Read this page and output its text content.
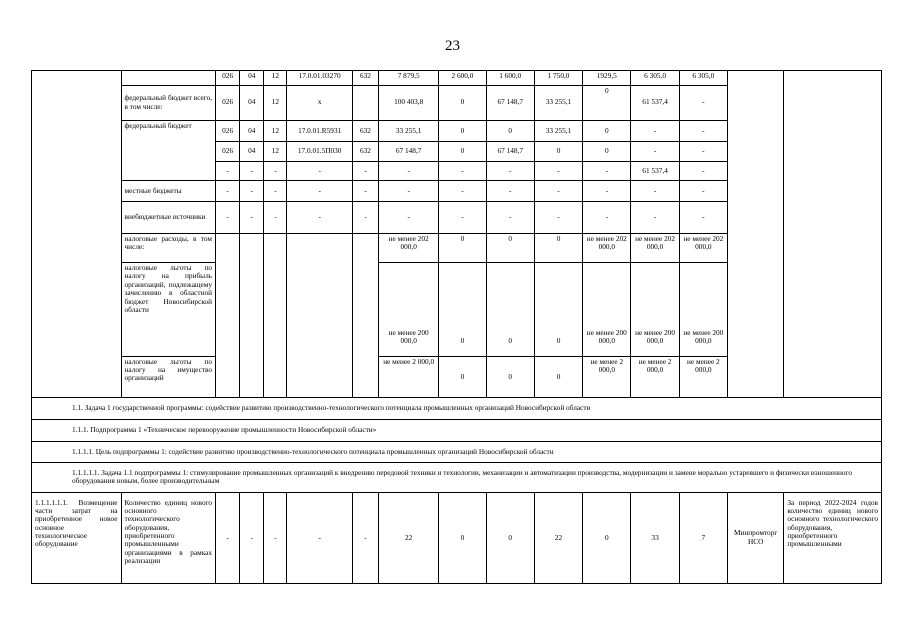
23
		026	04	12	17.0.01.03270	632	7 879,5	2 600,0	1 600,0	1 750,0	1929,5	6 305,0	6 305,0		
	федеральный бюджет всего, в том числе:	026	04	12	x		100 403,8	0	67 148,7	33 255,1	0	61 537,4	-		
	федеральный бюджет	026	04	12	17.0.01.R5931	632	33 255,1	0	0	33 255,1	0	-	-		
		026	04	12	17.0.01.5П030	632	67 148,7	0	67 148,7	0	0	-	-		
		-	-	-	-	-	-	-	-	-	-	61 537,4	-		
	местные бюджеты	-	-	-	-	-	-	-	-	-	-	-	-		
	внебюджетные источники	-	-	-	-	-	-	-	-	-	-	-	-		
	налоговые расходы, в том числе:						не менее 202 000,0	0	0	0	не менее 202 000,0	не менее 202 000,0	не менее 202 000,0		
	налоговые льготы по налогу на прибыль организаций, подлежащему зачислению в областной бюджет Новосибирской области						не менее 200 000,0	0	0	0	не менее 200 000,0	не менее 200 000,0	не менее 200 000,0		
	налоговые льготы по налогу на имущество организаций						не менее 2 000,0	0	0	0	не менее 2 000,0	не менее 2 000,0	не менее 2 000,0		
1.1. Задача 1 государственной программы: содействие развитию производственно-технологического потенциала промышленных организаций Новосибирской области															
1.1.1. Подпрограмма 1 «Техническое перевооружение промышленности Новосибирской области»															
1.1.1.1. Цель подпрограммы 1: содействие развитию производственно-технологического потенциала промышленных организаций Новосибирской области															
1.1.1.1.1. Задача 1.1 подпрограммы 1: стимулирование промышленных организаций к внедрению передовой техники и технологии, механизации и автоматизации производства, модернизации и замене морально устаревшего и физически изношенного оборудования новым, более производительным															
1.1.1.1.1.1. Возмещение части затрат на приобретенное новое основное технологическое оборудование	Количество единиц нового основного технологического оборудования, приобретенного промышленными организациями в рамках реализации	-	-	-	-	-	22	0	0	22	0	33	7	Минпромторг НСО	За период 2022-2024 годов количество единиц нового основного технологического оборудования, приобретенного промышленными
